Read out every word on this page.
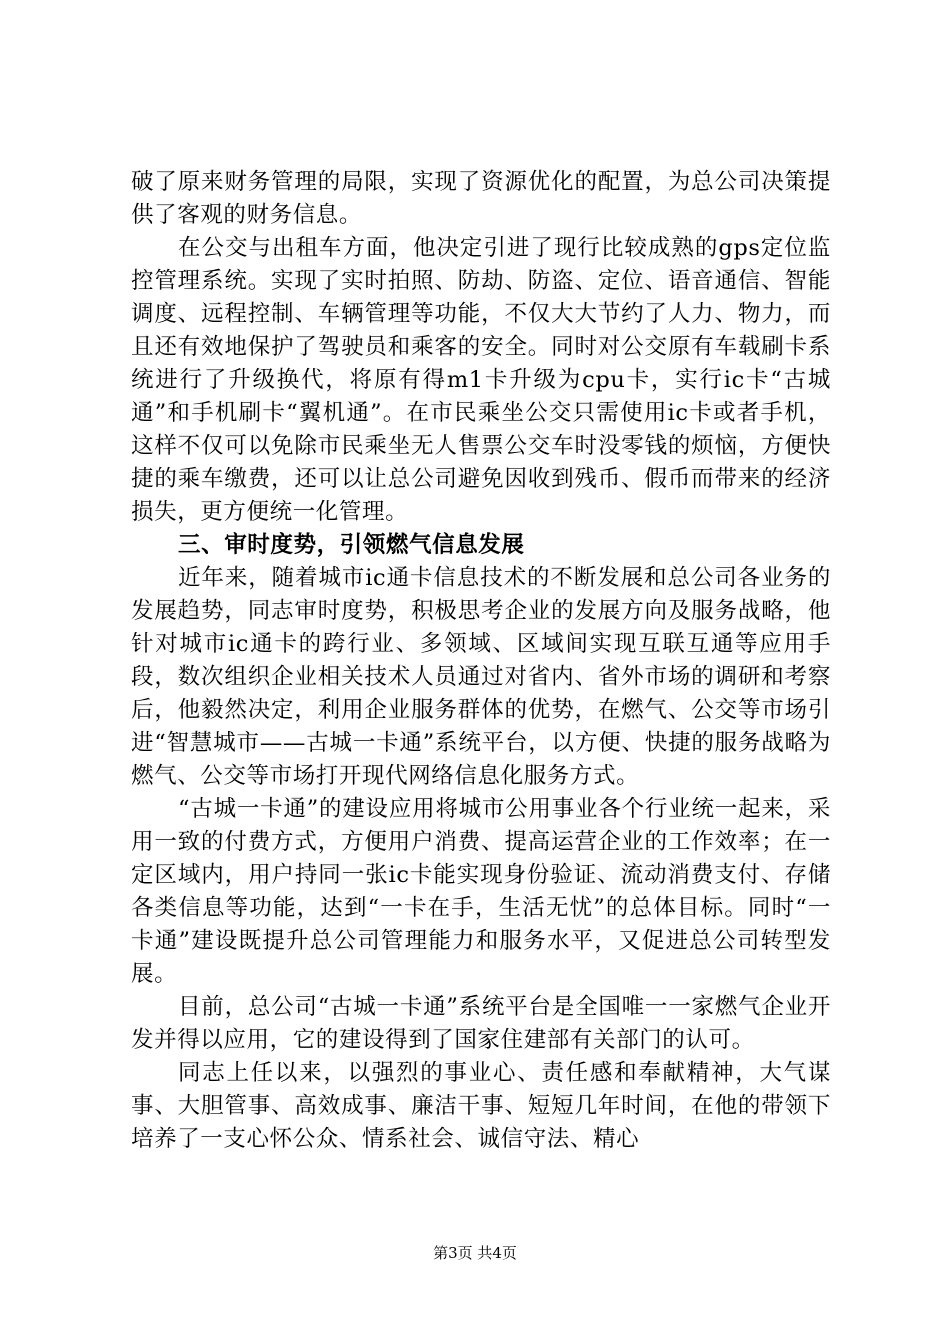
破了原来财务管理的局限，实现了资源优化的配置，为总公司决策提供了客观的财务信息。

在公交与出租车方面，他决定引进了现行比较成熟的gps定位监控管理系统。实现了实时拍照、防劫、防盗、定位、语音通信、智能调度、远程控制、车辆管理等功能，不仅大大节约了人力、物力，而且还有效地保护了驾驶员和乘客的安全。同时对公交原有车载刷卡系统进行了升级换代，将原有得m1卡升级为cpu卡，实行ic卡“古城通”和手机刷卡“翼机通”。在市民乘坐公交只需使用ic卡或者手机，这样不仅可以免除市民乘坐无人售票公交车时没零钱的烦恼，方便快捷的乘车缴费，还可以让总公司避免因收到残币、假币而带来的经济损失，更方便统一化管理。

三、审时度势，引领燃气信息发展

近年来，随着城市ic通卡信息技术的不断发展和总公司各业务的发展趋势，同志审时度势，积极思考企业的发展方向及服务战略，他针对城市ic通卡的跨行业、多领域、区域间实现互联互通等应用手段，数次组织企业相关技术人员通过对省内、省外市场的调研和考察后，他毅然决定，利用企业服务群体的优势，在燃气、公交等市场引进“智慧城市——古城一卡通”系统平台，以方便、快捷的服务战略为燃气、公交等市场打开现代网络信息化服务方式。

“古城一卡通”的建设应用将城市公用事业各个行业统一起来，采用一致的付费方式，方便用户消费、提高运营企业的工作效率；在一定区域内，用户持同一张ic卡能实现身份验证、流动消费支付、存储各类信息等功能，达到“一卡在手，生活无忧”的总体目标。同时“一卡通”建设既提升总公司管理能力和服务水平，又促进总公司转型发展。

目前，总公司“古城一卡通”系统平台是全国唯一一家燃气企业开发并得以应用，它的建设得到了国家住建部有关部门的认可。

同志上任以来，以强烈的事业心、责任感和奉献精神，大气谋事、大胆管事、高效成事、廉洁干事、短短几年时间，在他的带领下培养了一支心怀公众、情系社会、诚信守法、精心

第3页 共4页
